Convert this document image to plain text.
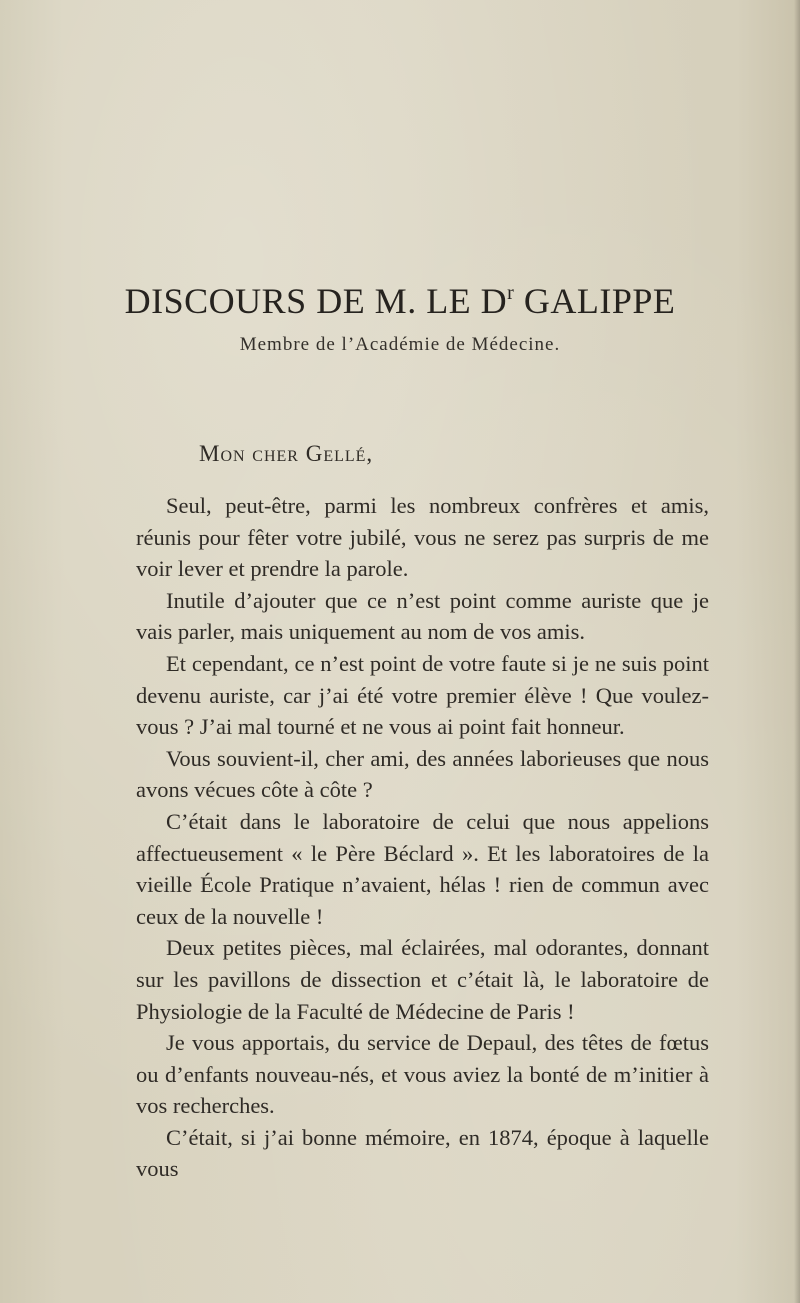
DISCOURS DE M. LE $D^r$ GALIPPE
Membre de l’Académie de Médecine.
Mon cher Gellé,

Seul, peut-être, parmi les nombreux confrères et amis, réunis pour fêter votre jubilé, vous ne serez pas surpris de me voir lever et prendre la parole.

Inutile d’ajouter que ce n’est point comme auriste que je vais parler, mais uniquement au nom de vos amis.

Et cependant, ce n’est point de votre faute si je ne suis point devenu auriste, car j’ai été votre premier élève ! Que voulez-vous ? J’ai mal tourné et ne vous ai point fait honneur.

Vous souvient-il, cher ami, des années laborieuses que nous avons vécues côte à côte ?

C’était dans le laboratoire de celui que nous appelions affectueusement « le Père Béclard ». Et les laboratoires de la vieille École Pratique n’avaient, hélas ! rien de commun avec ceux de la nouvelle !

Deux petites pièces, mal éclairées, mal odorantes, donnant sur les pavillons de dissection et c’était là, le laboratoire de Physiologie de la Faculté de Médecine de Paris !

Je vous apportais, du service de Depaul, des têtes de fœtus ou d’enfants nouveau-nés, et vous aviez la bonté de m’initier à vos recherches.

C’était, si j’ai bonne mémoire, en 1874, époque à laquelle vous
